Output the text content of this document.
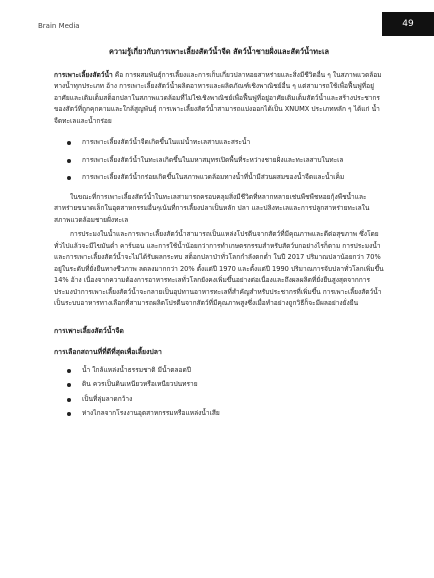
Brain Media	49

ความรู้เกี่ยวกับการเพาะเลี้ยงสัตว์น้ำจืด สัตว์น้ำชายฝั่งและสัตว์น้ำทะเล

การเพาะเลี้ยงสัตว์น้ำ คือ การผสมพันธุ์การเลี้ยงและการเก็บเกี่ยวปลาหอยสาหร่ายและสิ่งมีชีวิตอื่น ๆ ในสภาพแวดล้อมทางน้ำทุกประเภท อ้าง การเพาะเลี้ยงสัตว์น้ำผลิตอาหารและผลิตภัณฑ์เชิงพาณิชย์อื่น ๆ แต่สามารถใช้เพื่อฟื้นฟูที่อยู่อาศัยและเติมเต็มสต็อกปลาในสภาพแวดล้อมที่ไม่ใช่เชิงพาณิชย์เพื่อฟื้นฟูที่อยู่อาศัยเติมเต็มสัตว์น้ำและสร้างประชากรของสัตว์ที่ถูกคุกคามและใกล้สูญพันธุ์ การเพาะเลี้ยงสัตว์น้ำสามารถแบ่งออกได้เป็น XNUMX ประเภทหลัก ๆ ได้แก่ น้ำจืดทะเลและน้ำกร่อย

การเพาะเลี้ยงสัตว์น้ำจืดเกิดขึ้นในแม่น้ำทะเลสาบและสระน้ำ
การเพาะเลี้ยงสัตว์น้ำในทะเลเกิดขึ้นในมหาสมุทรเปิดพื้นที่ระหว่างชายฝั่งและทะเลสาบในทะเล
การเพาะเลี้ยงสัตว์น้ำกร่อยเกิดขึ้นในสภาพแวดล้อมทางน้ำที่น้ำมีส่วนผสมของน้ำจืดและน้ำเค็ม

ในขณะที่การเพาะเลี้ยงสัตว์น้ำในทะเลสามารถครอบคลุมสิ่งมีชีวิตที่หลากหลายเช่นพืชพืชหอยกุ้งพืชน้ำและสาหร่ายขนาดเล็กในอุตสาหกรรมอื่นๆเน้นที่การเลี้ยงปลาเป็นหลัก ปลา และปลิงทะเลและการปลูกสาหร่ายทะเลในสภาพแวดล้อมชายฝั่งทะเล

การประมงในน้ำและการเพาะเลี้ยงสัตว์น้ำสามารถเป็นแหล่งโปรตีนจากสัตว์ที่มีคุณภาพและดีต่อสุขภาพ ซึ่งโดยทั่วไปแล้วจะมีไขมันต่ำ คาร์บอน และการใช้น้ำน้อยกว่าการทำเกษตรกรรมสำหรับสัตว์บกอย่างไรก็ตาม การประมงน้ำและการเพาะเลี้ยงสัตว์น้ำจะไม่ได้รับผลกระทบ สต็อกปลาป่าทั่วโลกกำลังตกต่ำ ในปี 2017 ปริมาณปลาน้อยกว่า 70% อยู่ในระดับที่ยั่งยืนทางชีวภาพ ลดลงมากกว่า 20% ตั้งแต่ปี 1970 และตั้งแต่ปี 1990 ปริมาณการจับปลาทั่วโลกเพิ่มขึ้น 14% อ้าง เนื่องจากความต้องการอาหารทะเลทั่วโลกยังคงเพิ่มขึ้นอย่างต่อเนื่องและถึงผลผลิตที่ยั่งยืนสูงสุดจากการประมงป่าการเพาะเลี้ยงสัตว์น้ำจะกลายเป็นอุปทานอาหารทะเลที่สำคัญสำหรับประชากรที่เพิ่มขึ้น การเพาะเลี้ยงสัตว์น้ำเป็นระบบอาหารทางเลือกที่สามารถผลิตโปรตีนจากสัตว์ที่มีคุณภาพสูงซึ่งเมื่อทำอย่างถูกวิธีก็จะมีผลอย่างยั่งยืน

การเพาะเลี้ยงสัตว์น้ำจืด

การเลือกสถานที่ที่ดีที่สุดเพื่อเลี้ยงปลา

น้ำ ใกล้แหล่งน้ำธรรมชาติ มีน้ำตลอดปี
ดิน ควรเป็นดินเหนียวหรือเหนียวปนทราย
เป็นที่ลุ่มลาดกว้าง
ห่างไกลจากโรงงานอุตสาหกรรมหรือแหล่งน้ำเสีย
